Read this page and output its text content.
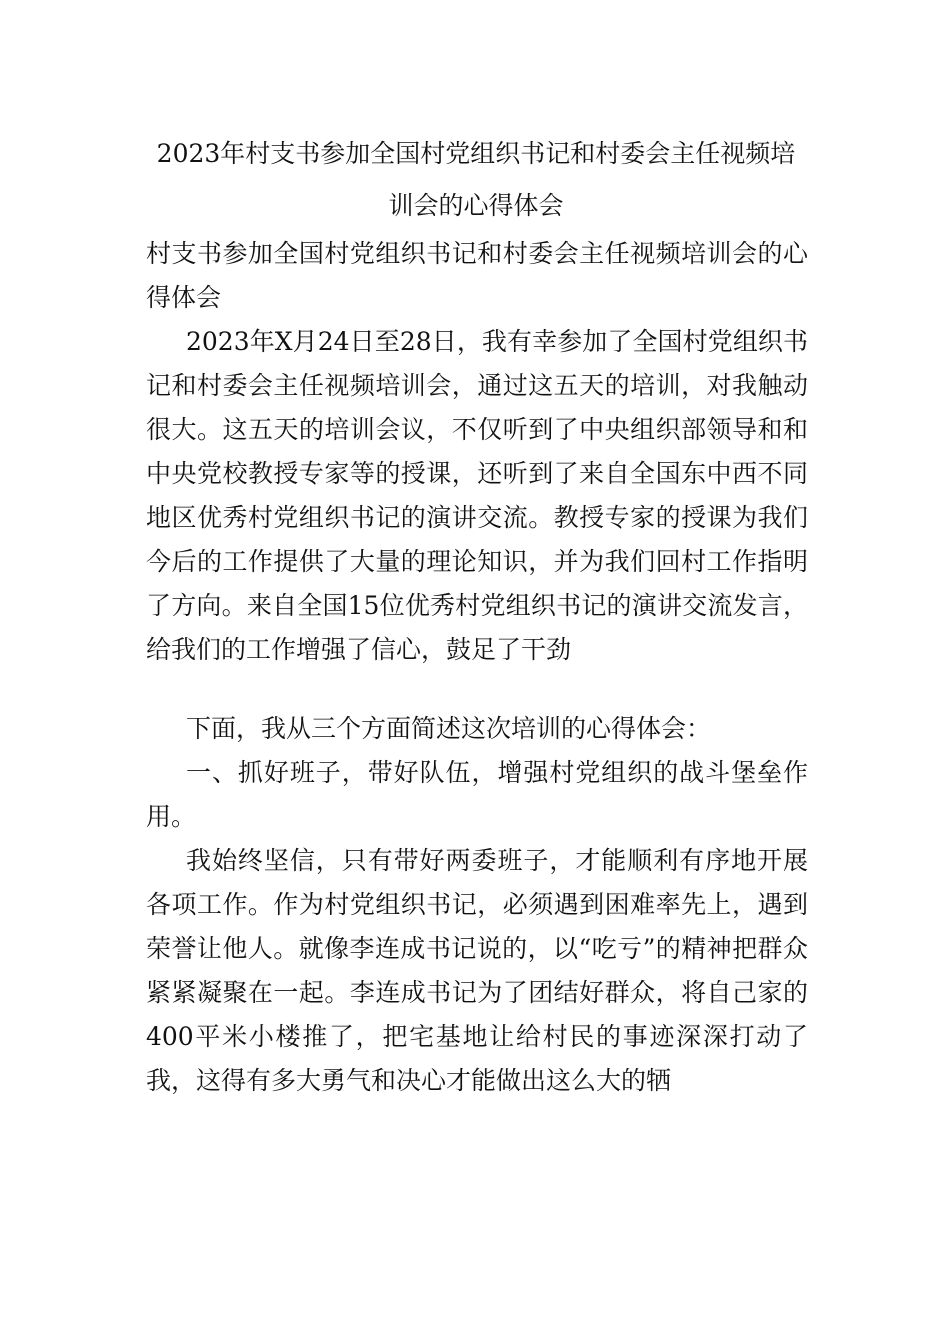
2023年村支书参加全国村党组织书记和村委会主任视频培训会的心得体会

村支书参加全国村党组织书记和村委会主任视频培训会的心得体会

2023年X月24日至28日，我有幸参加了全国村党组织书记和村委会主任视频培训会，通过这五天的培训，对我触动很大。这五天的培训会议，不仅听到了中央组织部领导和和中央党校教授专家等的授课，还听到了来自全国东中西不同地区优秀村党组织书记的演讲交流。教授专家的授课为我们今后的工作提供了大量的理论知识，并为我们回村工作指明了方向。来自全国15位优秀村党组织书记的演讲交流发言，给我们的工作增强了信心，鼓足了干劲

下面，我从三个方面简述这次培训的心得体会：

一、抓好班子，带好队伍，增强村党组织的战斗堡垒作用。

我始终坚信，只有带好两委班子，才能顺利有序地开展各项工作。作为村党组织书记，必须遇到困难率先上，遇到荣誉让他人。就像李连成书记说的，以“吃亏”的精神把群众紧紧凝聚在一起。李连成书记为了团结好群众，将自己家的400平米小楼推了，把宅基地让给村民的事迹深深打动了我，这得有多大勇气和决心才能做出这么大的牺
